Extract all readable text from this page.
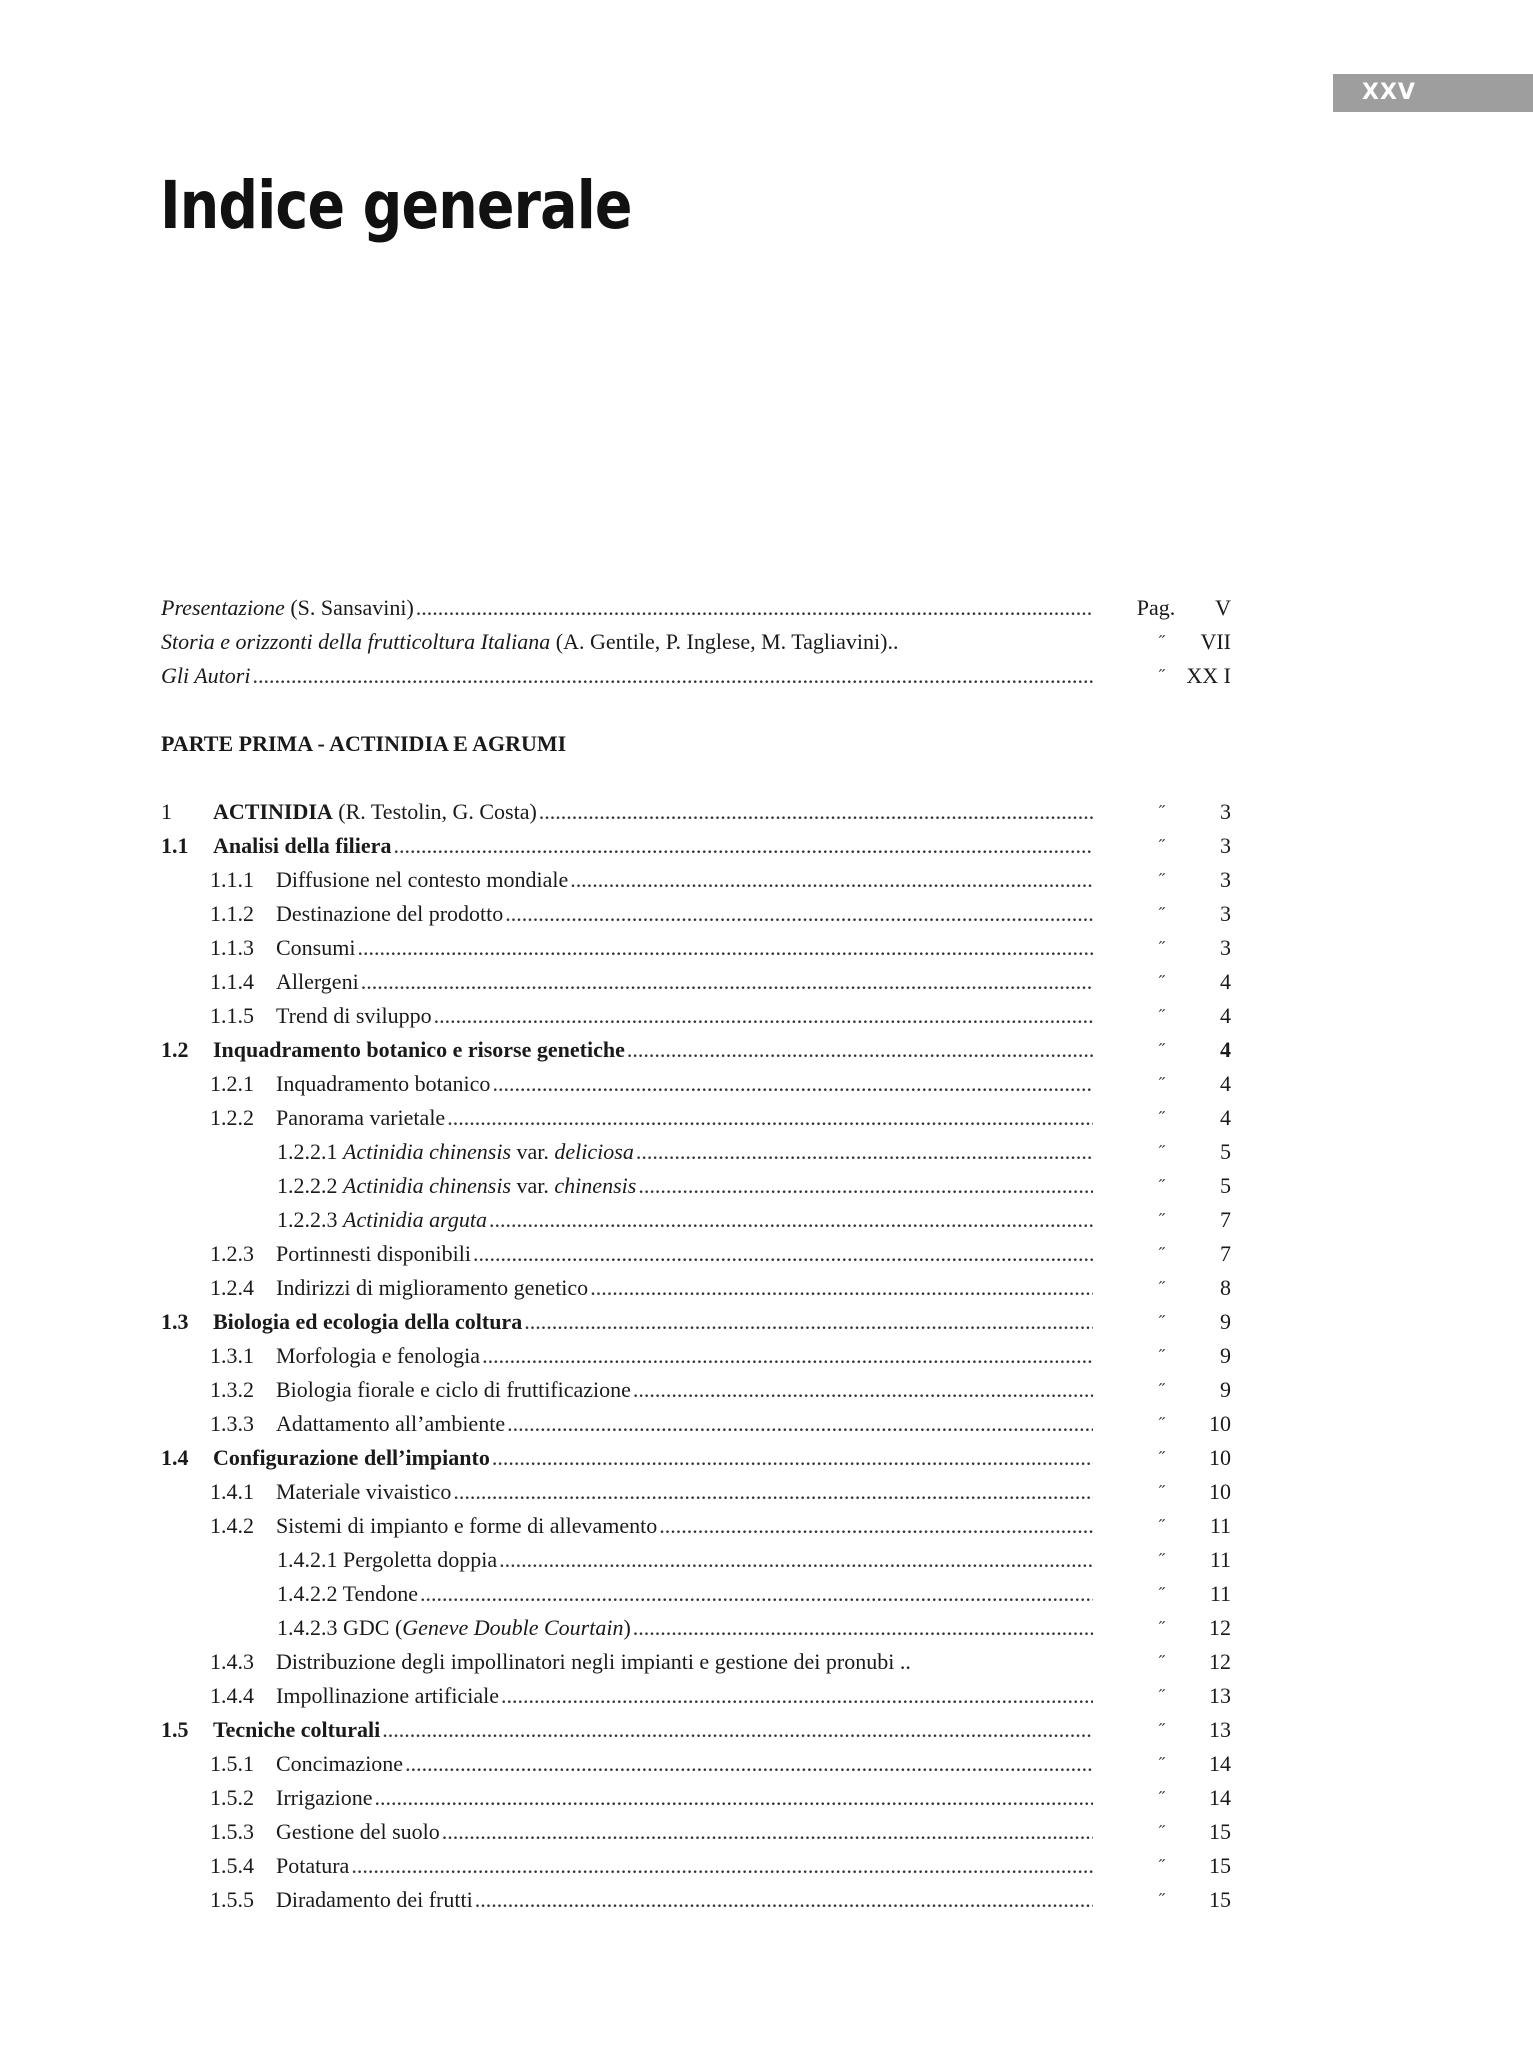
XXV
Indice generale
Presentazione (S. Sansavini) .....	Pag.	V
Storia e orizzonti della frutticoltura Italiana (A. Gentile, P. Inglese, M. Tagliavini)..	˝	VII
Gli Autori .....	˝ XX I
PARTE PRIMA - ACTINIDIA E AGRUMI
1 ACTINIDIA (R. Testolin, G. Costa) .....	˝	3
1.1 Analisi della filiera .....	˝	3
1.1.1 Diffusione nel contesto mondiale .....	˝	3
1.1.2 Destinazione del prodotto .....	˝	3
1.1.3 Consumi .....	˝	3
1.1.4 Allergeni .....	˝	4
1.1.5 Trend di sviluppo .....	˝	4
1.2 Inquadramento botanico e risorse genetiche .....	˝	4
1.2.1 Inquadramento botanico .....	˝	4
1.2.2 Panorama varietale .....	˝	4
1.2.2.1 Actinidia chinensis var. deliciosa .....	˝	5
1.2.2.2 Actinidia chinensis var. chinensis .....	˝	5
1.2.2.3 Actinidia arguta .....	˝	7
1.2.3 Portinnesti disponibili .....	˝	7
1.2.4 Indirizzi di miglioramento genetico .....	˝	8
1.3 Biologia ed ecologia della coltura .....	˝	9
1.3.1 Morfologia e fenologia .....	˝	9
1.3.2 Biologia fiorale e ciclo di fruttificazione .....	˝	9
1.3.3 Adattamento all’ambiente .....	˝	10
1.4 Configurazione dell’impianto .....	˝	10
1.4.1 Materiale vivaistico .....	˝	10
1.4.2 Sistemi di impianto e forme di allevamento .....	˝	11
1.4.2.1 Pergoletta doppia .....	˝	11
1.4.2.2 Tendone .....	˝	11
1.4.2.3 GDC (Geneve Double Courtain) .....	˝	12
1.4.3 Distribuzione degli impollinatori negli impianti e gestione dei pronubi ..	˝	12
1.4.4 Impollinazione artificiale .....	˝	13
1.5 Tecniche colturali .....	˝	13
1.5.1 Concimazione .....	˝	14
1.5.2 Irrigazione .....	˝	14
1.5.3 Gestione del suolo .....	˝	15
1.5.4 Potatura .....	˝	15
1.5.5 Diradamento dei frutti .....	˝	15
